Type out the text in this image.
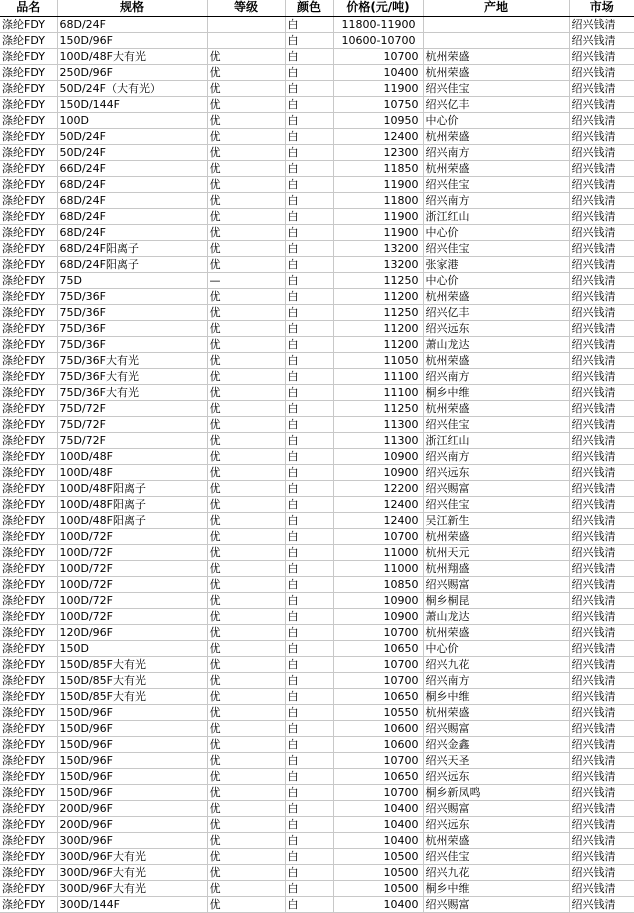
品名	规格	等级	颜色	价格(元/吨)	产地	市场
涤纶FDY	68D/24F		白	11800-11900		绍兴钱清
涤纶FDY	150D/96F		白	10600-10700		绍兴钱清
涤纶FDY	100D/48F大有光	优	白	10700	杭州荣盛	绍兴钱清
涤纶FDY	250D/96F	优	白	10400	杭州荣盛	绍兴钱清
涤纶FDY	50D/24F（大有光）	优	白	11900	绍兴佳宝	绍兴钱清
涤纶FDY	150D/144F	优	白	10750	绍兴亿丰	绍兴钱清
涤纶FDY	100D	优	白	10950	中心价	绍兴钱清
涤纶FDY	50D/24F	优	白	12400	杭州荣盛	绍兴钱清
涤纶FDY	50D/24F	优	白	12300	绍兴南方	绍兴钱清
涤纶FDY	66D/24F	优	白	11850	杭州荣盛	绍兴钱清
涤纶FDY	68D/24F	优	白	11900	绍兴佳宝	绍兴钱清
涤纶FDY	68D/24F	优	白	11800	绍兴南方	绍兴钱清
涤纶FDY	68D/24F	优	白	11900	浙江红山	绍兴钱清
涤纶FDY	68D/24F	优	白	11900	中心价	绍兴钱清
涤纶FDY	68D/24F阳离子	优	白	13200	绍兴佳宝	绍兴钱清
涤纶FDY	68D/24F阳离子	优	白	13200	张家港	绍兴钱清
涤纶FDY	75D	—	白	11250	中心价	绍兴钱清
涤纶FDY	75D/36F	优	白	11200	杭州荣盛	绍兴钱清
涤纶FDY	75D/36F	优	白	11250	绍兴亿丰	绍兴钱清
涤纶FDY	75D/36F	优	白	11200	绍兴远东	绍兴钱清
涤纶FDY	75D/36F	优	白	11200	萧山龙达	绍兴钱清
涤纶FDY	75D/36F大有光	优	白	11050	杭州荣盛	绍兴钱清
涤纶FDY	75D/36F大有光	优	白	11100	绍兴南方	绍兴钱清
涤纶FDY	75D/36F大有光	优	白	11100	桐乡中维	绍兴钱清
涤纶FDY	75D/72F	优	白	11250	杭州荣盛	绍兴钱清
涤纶FDY	75D/72F	优	白	11300	绍兴佳宝	绍兴钱清
涤纶FDY	75D/72F	优	白	11300	浙江红山	绍兴钱清
涤纶FDY	100D/48F	优	白	10900	绍兴南方	绍兴钱清
涤纶FDY	100D/48F	优	白	10900	绍兴远东	绍兴钱清
涤纶FDY	100D/48F阳离子	优	白	12200	绍兴赐富	绍兴钱清
涤纶FDY	100D/48F阳离子	优	白	12400	绍兴佳宝	绍兴钱清
涤纶FDY	100D/48F阳离子	优	白	12400	吴江新生	绍兴钱清
涤纶FDY	100D/72F	优	白	10700	杭州荣盛	绍兴钱清
涤纶FDY	100D/72F	优	白	11000	杭州天元	绍兴钱清
涤纶FDY	100D/72F	优	白	11000	杭州翔盛	绍兴钱清
涤纶FDY	100D/72F	优	白	10850	绍兴赐富	绍兴钱清
涤纶FDY	100D/72F	优	白	10900	桐乡桐昆	绍兴钱清
涤纶FDY	100D/72F	优	白	10900	萧山龙达	绍兴钱清
涤纶FDY	120D/96F	优	白	10700	杭州荣盛	绍兴钱清
涤纶FDY	150D	优	白	10650	中心价	绍兴钱清
涤纶FDY	150D/85F大有光	优	白	10700	绍兴九花	绍兴钱清
涤纶FDY	150D/85F大有光	优	白	10700	绍兴南方	绍兴钱清
涤纶FDY	150D/85F大有光	优	白	10650	桐乡中维	绍兴钱清
涤纶FDY	150D/96F	优	白	10550	杭州荣盛	绍兴钱清
涤纶FDY	150D/96F	优	白	10600	绍兴赐富	绍兴钱清
涤纶FDY	150D/96F	优	白	10600	绍兴金鑫	绍兴钱清
涤纶FDY	150D/96F	优	白	10700	绍兴天圣	绍兴钱清
涤纶FDY	150D/96F	优	白	10650	绍兴远东	绍兴钱清
涤纶FDY	150D/96F	优	白	10700	桐乡新凤鸣	绍兴钱清
涤纶FDY	200D/96F	优	白	10400	绍兴赐富	绍兴钱清
涤纶FDY	200D/96F	优	白	10400	绍兴远东	绍兴钱清
涤纶FDY	300D/96F	优	白	10400	杭州荣盛	绍兴钱清
涤纶FDY	300D/96F大有光	优	白	10500	绍兴佳宝	绍兴钱清
涤纶FDY	300D/96F大有光	优	白	10500	绍兴九花	绍兴钱清
涤纶FDY	300D/96F大有光	优	白	10500	桐乡中维	绍兴钱清
涤纶FDY	300D/144F	优	白	10400	绍兴赐富	绍兴钱清
